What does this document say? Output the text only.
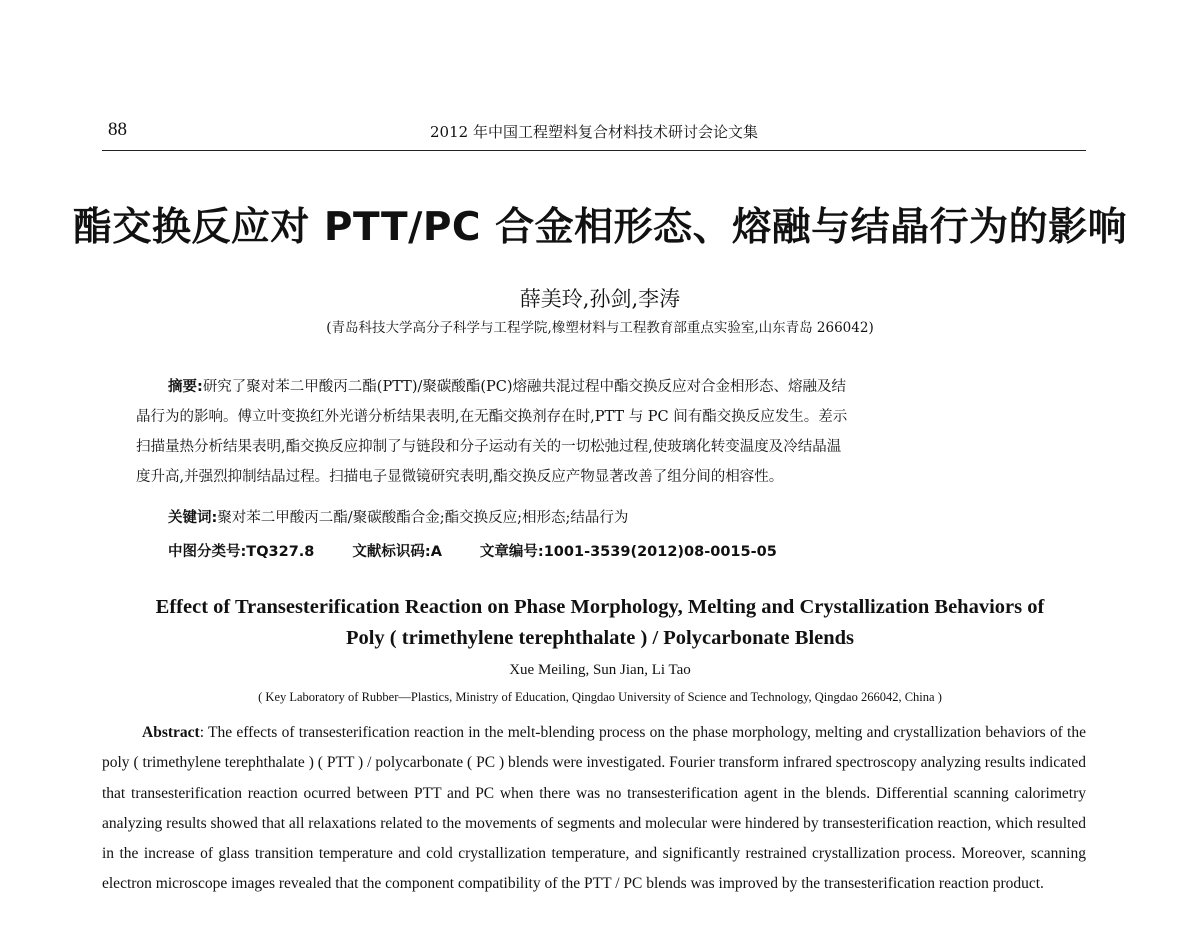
88	2012 年中国工程塑料复合材料技术研讨会论文集
酯交换反应对 PTT/PC 合金相形态、熔融与结晶行为的影响
薛美玲,孙剑,李涛
(青岛科技大学高分子科学与工程学院,橡塑材料与工程教育部重点实验室,山东青岛 266042)
摘要:研究了聚对苯二甲酸丙二酯(PTT)/聚碳酸酯(PC)熔融共混过程中酯交换反应对合金相形态、熔融及结
晶行为的影响。傅立叶变换红外光谱分析结果表明,在无酯交换剂存在时,PTT 与 PC 间有酯交换反应发生。差示
扫描量热分析结果表明,酯交换反应抑制了与链段和分子运动有关的一切松弛过程,使玻璃化转变温度及冷结晶温
度升高,并强烈抑制结晶过程。扫描电子显微镜研究表明,酯交换反应产物显著改善了组分间的相容性。
关键词:聚对苯二甲酸丙二酯/聚碳酸酯合金;酯交换反应;相形态;结晶行为
中图分类号:TQ327.8	文献标识码:A	文章编号:1001-3539(2012)08-0015-05
Effect of Transesterification Reaction on Phase Morphology, Melting and Crystallization Behaviors of
Poly ( trimethylene terephthalate ) / Polycarbonate Blends
Xue Meiling, Sun Jian, Li Tao
( Key Laboratory of Rubber—Plastics, Ministry of Education, Qingdao University of Science and Technology, Qingdao 266042, China )
Abstract: The effects of transesterification reaction in the melt-blending process on the phase morphology, melting and crystallization behaviors of the poly ( trimethylene terephthalate ) ( PTT ) / polycarbonate ( PC ) blends were investigated. Fourier transform infrared spectroscopy analyzing results indicated that transesterification reaction ocurred between PTT and PC when there was no transesterification agent in the blends. Differential scanning calorimetry analyzing results showed that all relaxations related to the movements of segments and molecular were hindered by transesterification reaction, which resulted in the increase of glass transition temperature and cold crystallization temperature, and significantly restrained crystallization process. Moreover, scanning electron microscope images revealed that the component compatibility of the PTT / PC blends was improved by the transesterification reaction product.
